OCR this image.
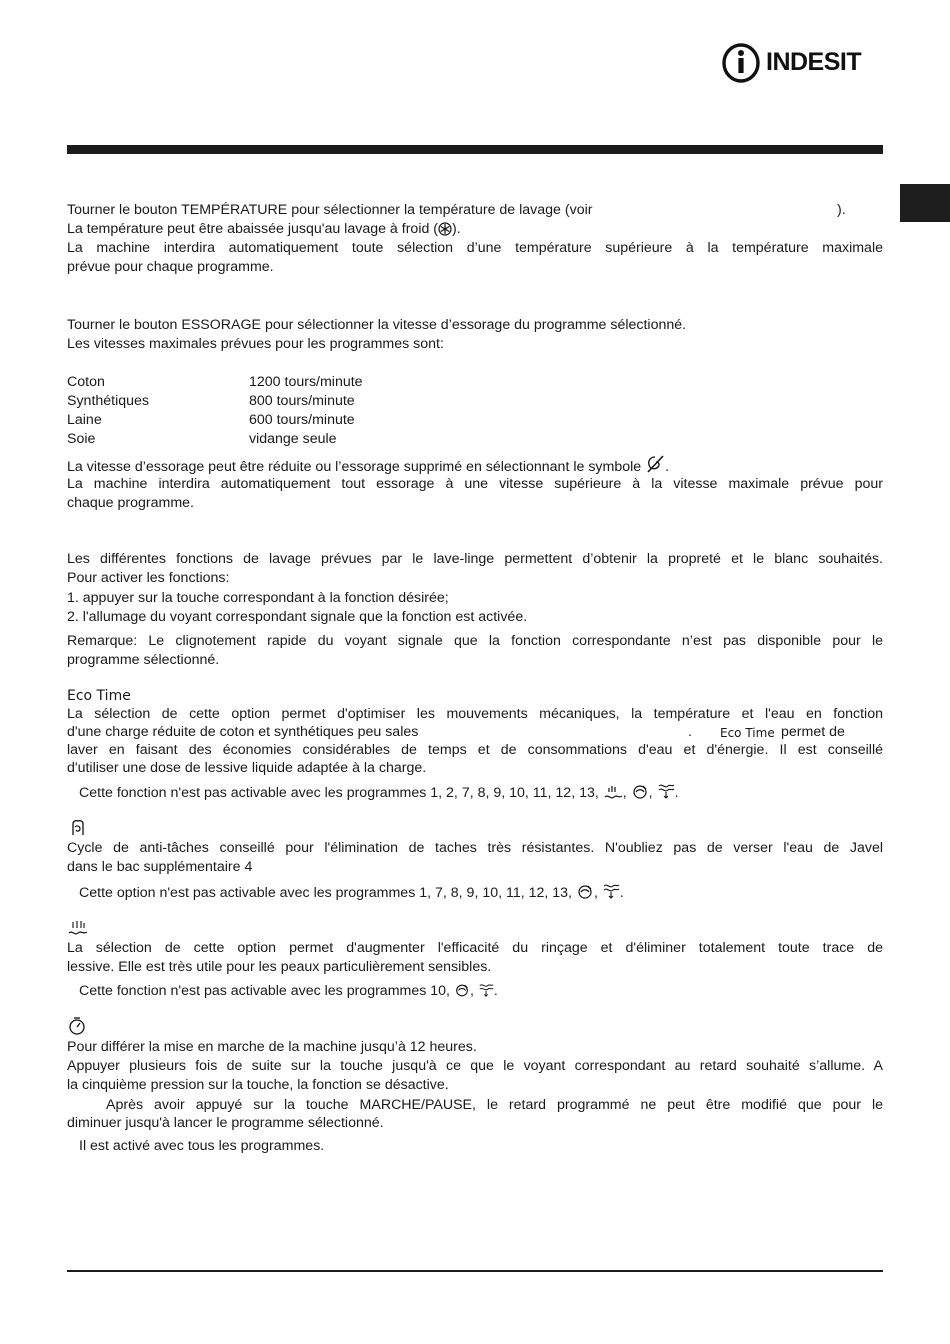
INDESIT
Tourner le bouton TEMPÉRATURE pour sélectionner la température de lavage (voir	).
La température peut être abaissée jusqu'au lavage à froid ( ).
La machine interdira automatiquement toute sélection d’une température supérieure à la température maximale
prévue pour chaque programme.
Tourner le bouton ESSORAGE pour sélectionner la vitesse d’essorage du programme sélectionné.
Les vitesses maximales prévues pour les programmes sont:
Coton	1200 tours/minute
Synthétiques	800 tours/minute
Laine	600 tours/minute
Soie	vidange seule
La vitesse d’essorage peut être réduite ou l’essorage supprimé en sélectionnant le symbole .
La machine interdira automatiquement tout essorage à une vitesse supérieure à la vitesse maximale prévue pour
chaque programme.
Les différentes fonctions de lavage prévues par le lave-linge permettent d’obtenir la propreté et le blanc souhaités.
Pour activer les fonctions:
1. appuyer sur la touche correspondant à la fonction désirée;
2. l'allumage du voyant correspondant signale que la fonction est activée.
Remarque: Le clignotement rapide du voyant signale que la fonction correspondante n’est pas disponible pour le
programme sélectionné.
Eco Time
La sélection de cette option permet d'optimiser les mouvements mécaniques, la température et l'eau en fonction
d'une charge réduite de coton et synthétiques peu sales	. Eco Time permet de
laver en faisant des économies considérables de temps et de consommations d'eau et d'énergie. Il est conseillé
d'utiliser une dose de lessive liquide adaptée à la charge.
Cette fonction n'est pas activable avec les programmes 1, 2, 7, 8, 9, 10, 11, 12, 13, , , .
Cycle de anti-tâches conseillé pour l'élimination de taches très résistantes. N'oubliez pas de verser l'eau de Javel
dans le bac supplémentaire 4
Cette option n'est pas activable avec les programmes 1, 7, 8, 9, 10, 11, 12, 13, , .
La sélection de cette option permet d'augmenter l'efficacité du rinçage et d'éliminer totalement toute trace de
lessive. Elle est très utile pour les peaux particulièrement sensibles.
Cette fonction n'est pas activable avec les programmes 10, , .
Pour différer la mise en marche de la machine jusqu’à 12 heures.
Appuyer plusieurs fois de suite sur la touche jusqu'à ce que le voyant correspondant au retard souhaité s’allume. A
la cinquième pression sur la touche, la fonction se désactive.
Après avoir appuyé sur la touche MARCHE/PAUSE, le retard programmé ne peut être modifié que pour le
diminuer jusqu'à lancer le programme sélectionné.
Il est activé avec tous les programmes.
